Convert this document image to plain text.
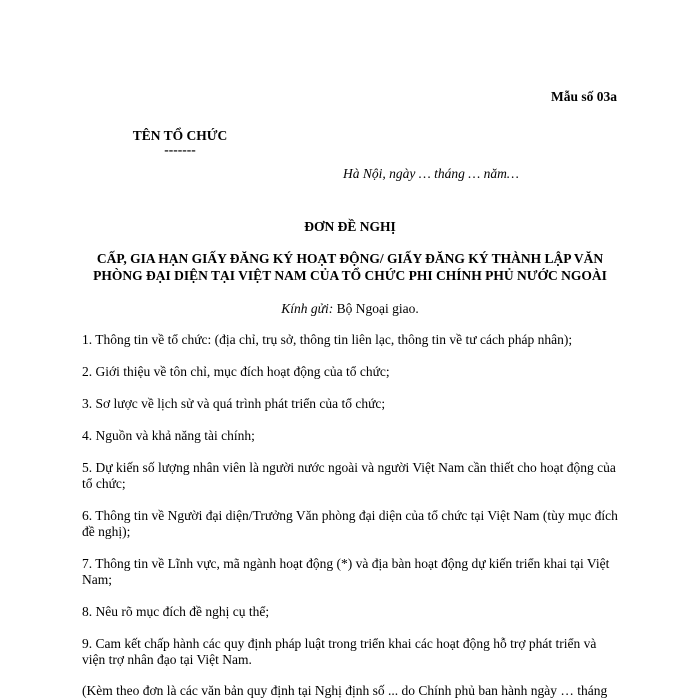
Mẫu số 03a
TÊN TỔ CHỨC
-------
Hà Nội, ngày … tháng … năm…
ĐƠN ĐỀ NGHỊ
CẤP, GIA HẠN GIẤY ĐĂNG KÝ HOẠT ĐỘNG/ GIẤY ĐĂNG KÝ THÀNH LẬP VĂN PHÒNG ĐẠI DIỆN TẠI VIỆT NAM CỦA TỔ CHỨC PHI CHÍNH PHỦ NƯỚC NGOÀI
Kính gửi: Bộ Ngoại giao.

1. Thông tin về tổ chức: (địa chỉ, trụ sở, thông tin liên lạc, thông tin về tư cách pháp nhân);

2. Giới thiệu về tôn chỉ, mục đích hoạt động của tổ chức;

3. Sơ lược về lịch sử và quá trình phát triển của tổ chức;

4. Nguồn và khả năng tài chính;

5. Dự kiến số lượng nhân viên là người nước ngoài và người Việt Nam cần thiết cho hoạt động của tổ chức;

6. Thông tin về Người đại diện/Trưởng Văn phòng đại diện của tổ chức tại Việt Nam (tùy mục đích đề nghị);

7. Thông tin về Lĩnh vực, mã ngành hoạt động (*) và địa bàn hoạt động dự kiến triển khai tại Việt Nam;

8. Nêu rõ mục đích đề nghị cụ thể;

9. Cam kết chấp hành các quy định pháp luật trong triển khai các hoạt động hỗ trợ phát triển và viện trợ nhân đạo tại Việt Nam.

(Kèm theo đơn là các văn bản quy định tại Nghị định số ... do Chính phủ ban hành ngày … tháng
